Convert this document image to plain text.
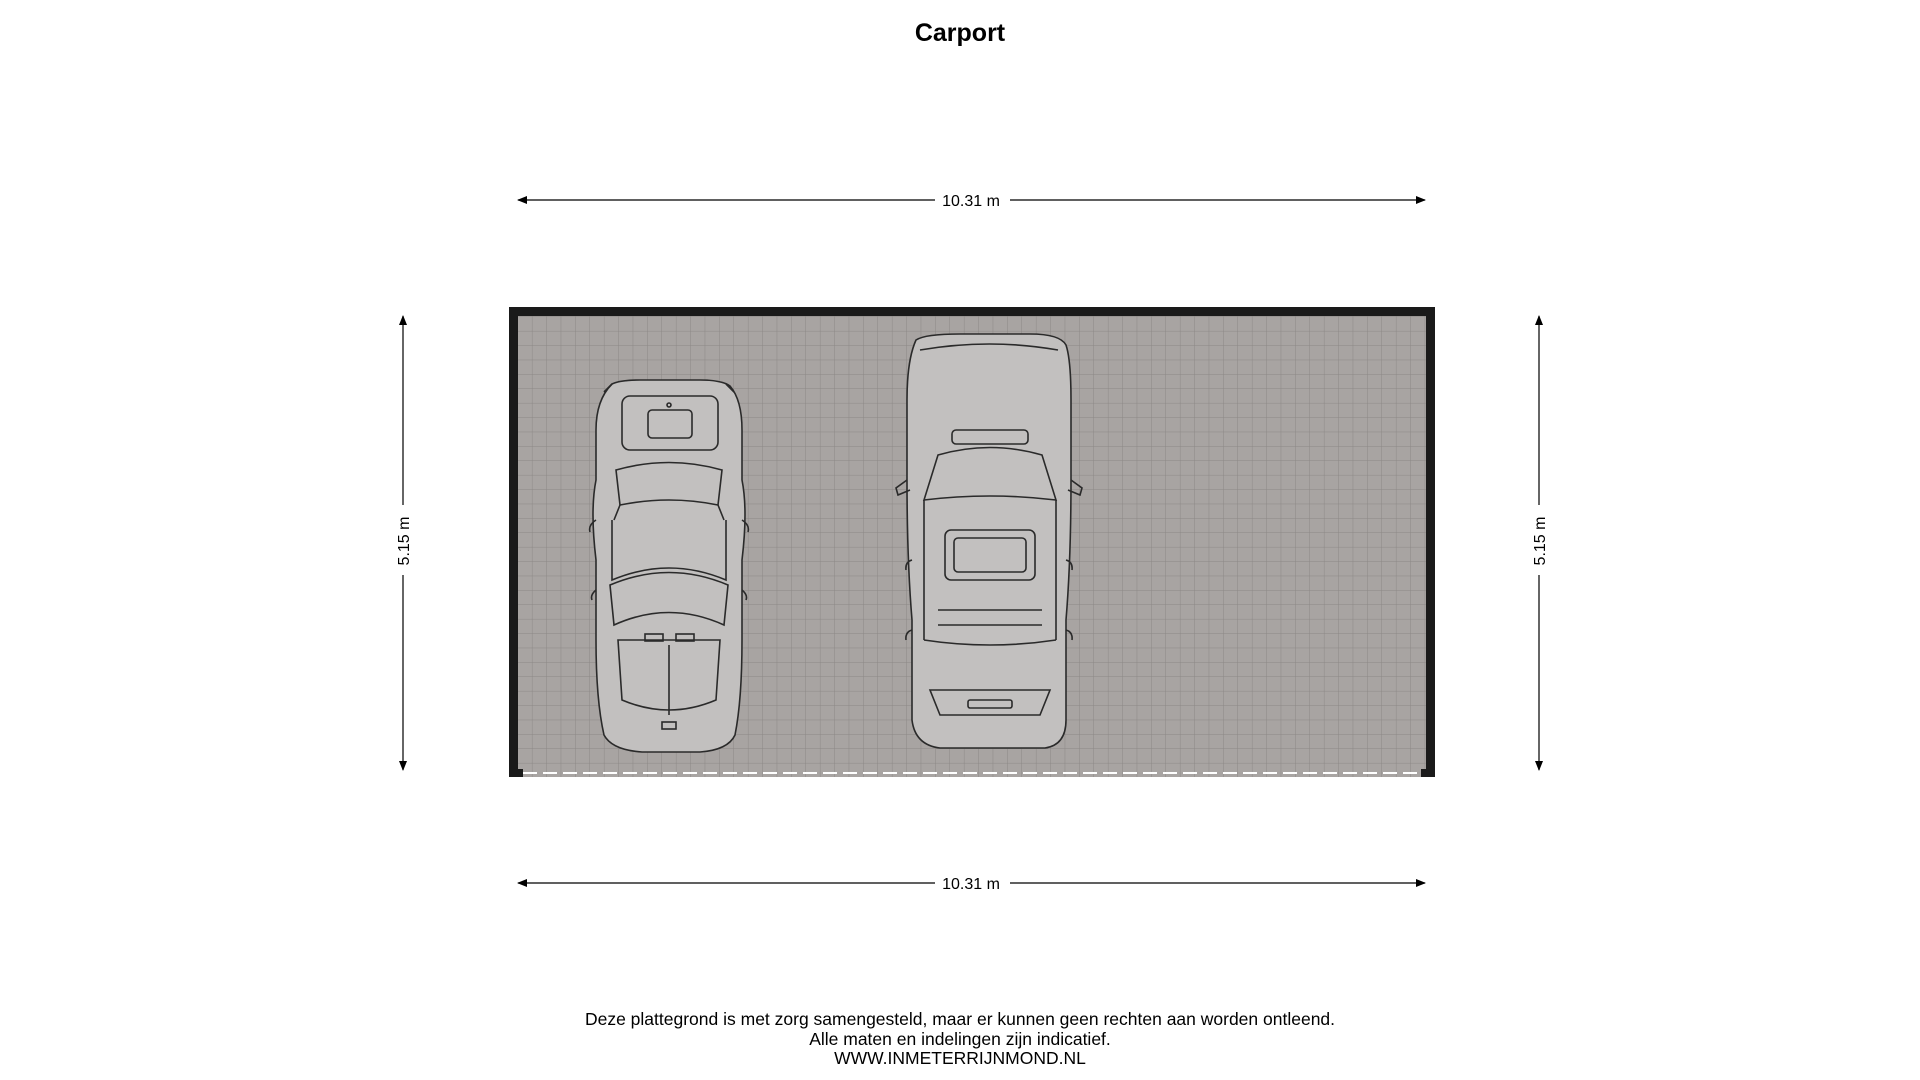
Carport
10.31 m
10.31 m
5.15 m	5.15 m
Deze plattegrond is met zorg samengesteld, maar er kunnen geen rechten aan worden ontleend.
Alle maten en indelingen zijn indicatief.
WWW.INMETERRIJNMOND.NL
